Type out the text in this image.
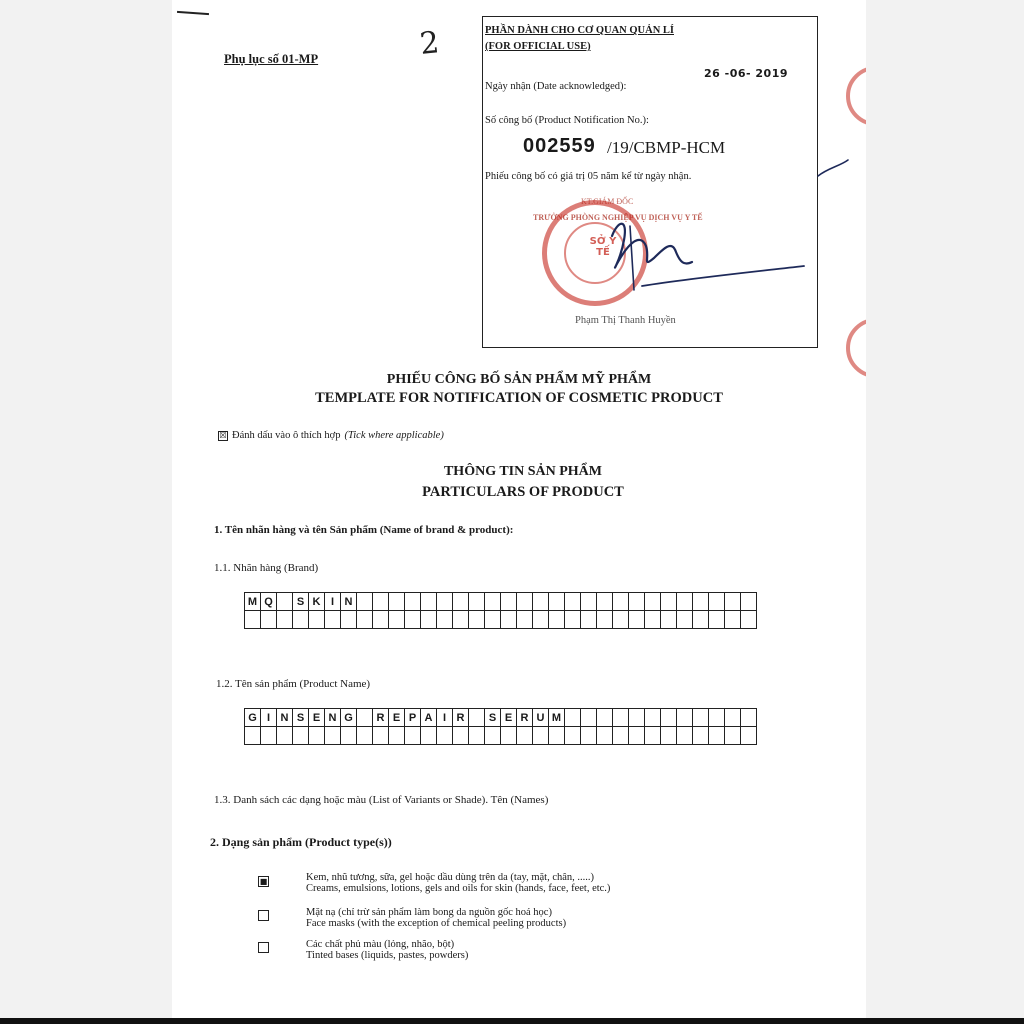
Phụ lục số 01-MP	2	PHẦN DÀNH CHO CƠ QUAN QUẢN LÍ
(FOR OFFICIAL USE)
Ngày nhận (Date acknowledged):
26 -06- 2019
Số công bố (Product Notification No.):
002559 /19/CBMP-HCM
Phiếu công bố có giá trị 05 năm kể từ ngày nhận.
KT.GIÁM ĐỐC
TRƯỞNG PHÒNG NGHIỆP VỤ DỊCH VỤ Y TẾ
Phạm Thị Thanh Huyền
SỞ Y TẾ
PHIẾU CÔNG BỐ SẢN PHẨM MỸ PHẨM
TEMPLATE FOR NOTIFICATION OF COSMETIC PRODUCT
☒ Đánh dấu vào ô thích hợp (Tick where applicable)
THÔNG TIN SẢN PHẨM
PARTICULARS OF PRODUCT
1. Tên nhãn hàng và tên Sản phẩm (Name of brand & product):
1.1. Nhãn hàng (Brand)
M	Q		S	K	I	N																									

1.2. Tên sản phẩm (Product Name)
G	I	N	S	E	N	G		R	E	P	A	I	R		S	E	R	U	M												

1.3. Danh sách các dạng hoặc màu (List of Variants or Shade). Tên (Names)
2. Dạng sản phẩm (Product type(s))
■	Kem, nhũ tương, sữa, gel hoặc dầu dùng trên da (tay, mặt, chân, .....)
Creams, emulsions, lotions, gels and oils for skin (hands, face, feet, etc.)
Mặt nạ (chỉ trừ sản phẩm làm bong da nguồn gốc hoá học)
Face masks (with the exception of chemical peeling products)
Các chất phủ màu (lỏng, nhão, bột)
Tinted bases (liquids, pastes, powders)
